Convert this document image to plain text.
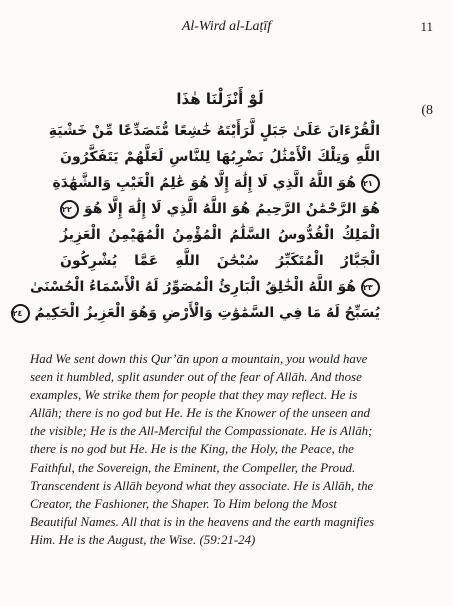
Al-Wird al-Laṭīf	11
(8
لَوْ أَنْزَلْنَا هٰذَا
الْقُرْءَانَ عَلَىٰ جَبَلٍ لَّرَأَيْتَهُ خَٰشِعًا مُّتَصَدِّعًا مِّنْ خَشْيَةِ
اللَّهِ وَتِلْكَ الْأَمْثَٰلُ نَضْرِبُهَا لِلنَّاسِ لَعَلَّهُمْ يَتَفَكَّرُونَ
٢١ هُوَ اللَّهُ الَّذِي لَا إِلَٰهَ إِلَّا هُوَ عَٰلِمُ الْغَيْبِ وَالشَّهَٰدَةِ
هُوَ الرَّحْمَٰنُ الرَّحِيمُ هُوَ اللَّهُ الَّذِي لَا إِلَٰهَ إِلَّا هُوَ ٢٢
الْمَلِكُ الْقُدُّوسُ السَّلَٰمُ الْمُؤْمِنُ الْمُهَيْمِنُ الْعَزِيزُ
الْجَبَّارُ الْمُتَكَبِّرُ سُبْحَٰنَ اللَّهِ عَمَّا يُشْرِكُونَ
٢٣ هُوَ اللَّهُ الْخَٰلِقُ الْبَارِئُ الْمُصَوِّرُ لَهُ الْأَسْمَاءُ الْحُسْنَىٰ
يُسَبِّحُ لَهُ مَا فِي السَّمَٰوَٰتِ وَالْأَرْضِ وَهُوَ الْعَزِيزُ الْحَكِيمُ ٢٤

Had We sent down this Qur’ān upon a mountain, you would have
seen it humbled, split asunder out of the fear of Allāh. And those
examples, We strike them for people that they may reflect. He is
Allāh; there is no god but He. He is the Knower of the unseen and
the visible; He is the All-Merciful the Compassionate. He is Allāh;
there is no god but He. He is the King, the Holy, the Peace, the
Faithful, the Sovereign, the Eminent, the Compeller, the Proud.
Transcendent is Allāh beyond what they associate. He is Allāh, the
Creator, the Fashioner, the Shaper. To Him belong the Most
Beautiful Names. All that is in the heavens and the earth magnifies
Him. He is the August, the Wise. (59:21-24)
